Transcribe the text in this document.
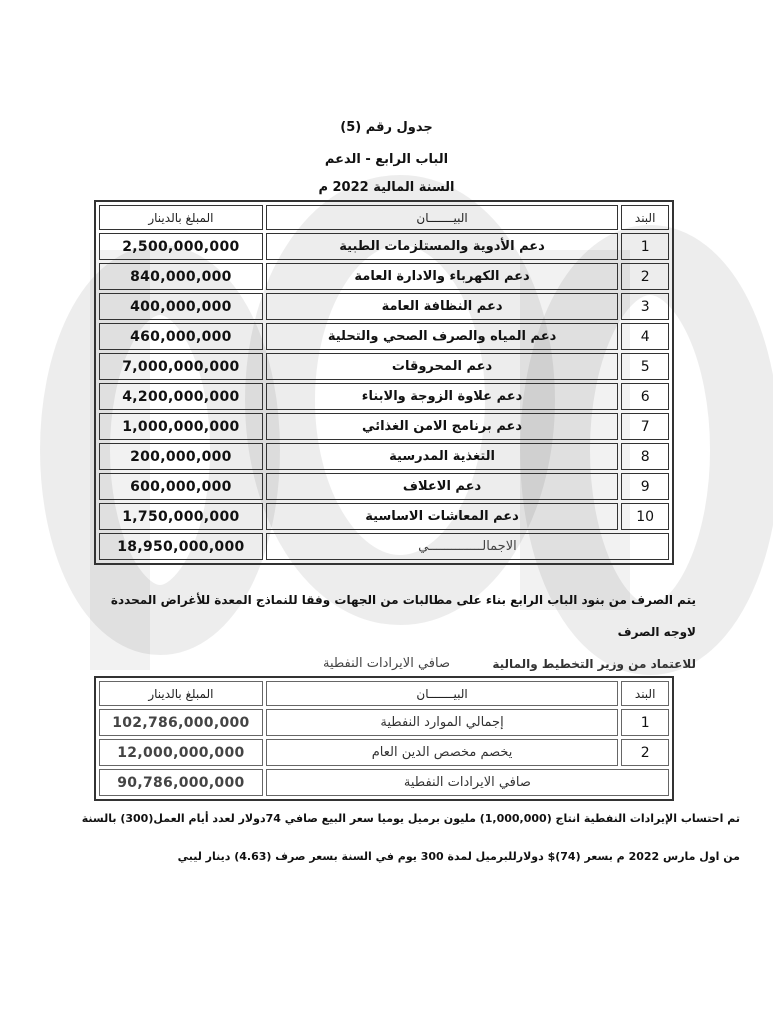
جدول رقم (5)
الباب الرابع - الدعم
السنة المالية 2022 م
البند	البيـــــــان	المبلغ بالدينار
1	دعم الأدوية والمستلزمات الطبية	2,500,000,000
2	دعم الكهرباء والادارة العامة	840,000,000
3	دعم النظافة العامة	400,000,000
4	دعم المياه والصرف الصحي والتحلية	460,000,000
5	دعم المحروقات	7,000,000,000
6	دعم علاوة الزوجة والابناء	4,200,000,000
7	دعم برنامج الامن الغذائي	1,000,000,000
8	التغذية المدرسية	200,000,000
9	دعم الاعلاف	600,000,000
10	دعم المعاشات الاساسية	1,750,000,000
الاجمالــــــــــــــي		18,950,000,000
يتم الصرف من بنود الباب الرابع بناء على مطالبات من الجهات وفقا للنماذج المعدة للأغراض المحددة لاوجه الصرف
للاعتماد من وزير التخطيط والمالية
صافي الايرادات النفطية
البند	البيـــــــان	المبلغ بالدينار
1	إجمالي الموارد النفطية	102,786,000,000
2	يخصم مخصص الدين العام	12,000,000,000
صافي الايرادات النفطية		90,786,000,000
تم احتساب الإيرادات النفطية انتاج (1,000,000) مليون برميل يوميا سعر البيع صافي 74دولار لعدد أيام العمل(300) بالسنة
من اول مارس 2022 م بسعر (74)$ دولارللبرميل لمدة 300 يوم في السنة بسعر صرف (4.63) دينار ليبي
